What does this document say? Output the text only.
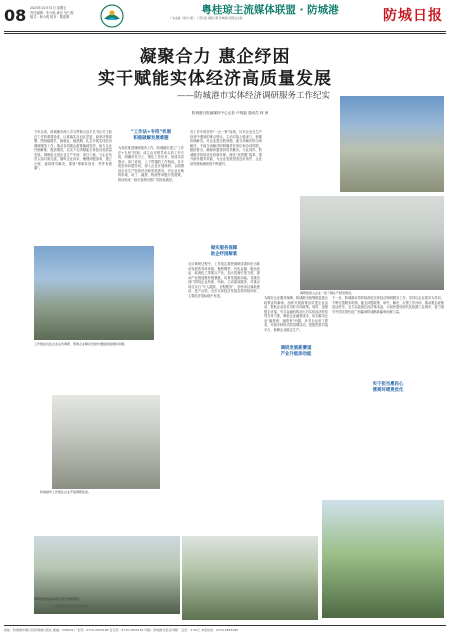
08 2025年10月31日 星期五
责任编辑：朱小鸥 唐忠 吴仁俊
版式：林小鸿 校对：陈建明
粤桂琼主流媒体联盟 · 防城港
广东省委《南方日报》 广西日报 海南日报 防城港日报联合出版	防城日报
凝聚合力 惠企纾困
实干赋能实体经济高质量发展
——防城港市实体经济调研服务工作纪实
防城港日报融媒体中心记者 卢明毅 通讯员 林 涛
调研组深入企业一线了解生产经营情况。
工作组成员在企业走访调研，帮助企业解决发展中遇到的困难和问题。
防城港市工作组在企业开展调研座谈。
调研组现场察看项目建设进展情况。
（本版图片由受访单位提供）
今年以来，防城港市深入学习贯彻习近平总书记关于经济工作的重要论述，认真落实自治区党委、政府决策部署，围绕稳增长、稳就业、稳预期，扎实开展实体经济调研服务工作，推动各项惠企政策落地见效，助力企业纾困解难、提质增效，以实干实绩赋能实体经济高质量发展。调研组走进企业生产车间、项目工地，与企业负责人面对面交流，倾听企业诉求，梳理问题清单，建立台账，逐项研究解决，做到“事事有回音、件件有着落”。
“工作法+专班”机制
积极破解发展难题
为高效推进调研服务工作，防城港市建立“工作法+专班”机制，成立由市领导牵头的工作专班，明确责任分工，细化工作任务，形成市县联动、部门协同、上下贯通的工作格局。各专班坚持问题导向，深入企业开展调研，全面摸清企业生产经营状况和发展需求，对企业反映的用地、用工、融资、物流等问题分类施策，推动形成一批可复制可推广的经验做法。
各工作专班坚持“一企一策”原则，针对企业在生产经营中遇到的难点堵点，主动对接上级部门，积极协调解决。对企业提出的问题，能当场解决的当场解决，不能当场解决的明确责任单位和办结时限，跟踪督办，确保问题得到有效解决。与此同时，防城港市持续优化营商环境，深化“放管服”改革，提升政务服务效能，为企业发展创造良好条件，企业获得感和满意度不断提升。
做实服务保障
助企纾困解难
走访调研过程中，工作组注重把调研成果转化为推动发展的具体举措，聚焦钢铁、有色金属、粮油食品、能源化工等重点产业，加大招商引资力度，推动产业链延链补链强链，培育发展新动能。各级各部门围绕企业所需、所盼，主动靠前服务，对重点项目实行“专人跟踪、全程服务”，加快项目落地建设、投产达效。全市实体经济发展态势持续向好，主要经济指标稳中有进。
为做好企业服务保障，防城港市统筹推进惠企政策宣传解读，组织开展政策宣讲进企业活动，帮助企业用足用好各项政策。同时，加强银企对接，引导金融机构加大对实体经济的信贷支持力度，降低企业融资成本，切实解决企业“融资难、融资贵”问题。针对企业用工需求，开展多种形式的招聘活动，搭建供需对接平台，保障企业稳定生产。
调研发展新赛道
产业升级添动能
下一步，防城港市将持续深化实体经济调研服务工作，坚持以企业需求为导向，不断完善服务机制，健全问题收集、研究、解决、反馈工作闭环，推动惠企政策直达快享，全力以赴稳住经济基本盘，为加快建设现代化临港工业城市、奋力谱写中国式现代化广西篇章防城港新篇章贡献力量。
实干担当惠民心
营商环境更优化
地址：防城港市港口区防城港日报社 邮编：538001 广告部：0770-2825198 发行部：0770-2825195 印刷：防城港日报社印刷厂 定价：1.50元 本报热线：0770-2825180
